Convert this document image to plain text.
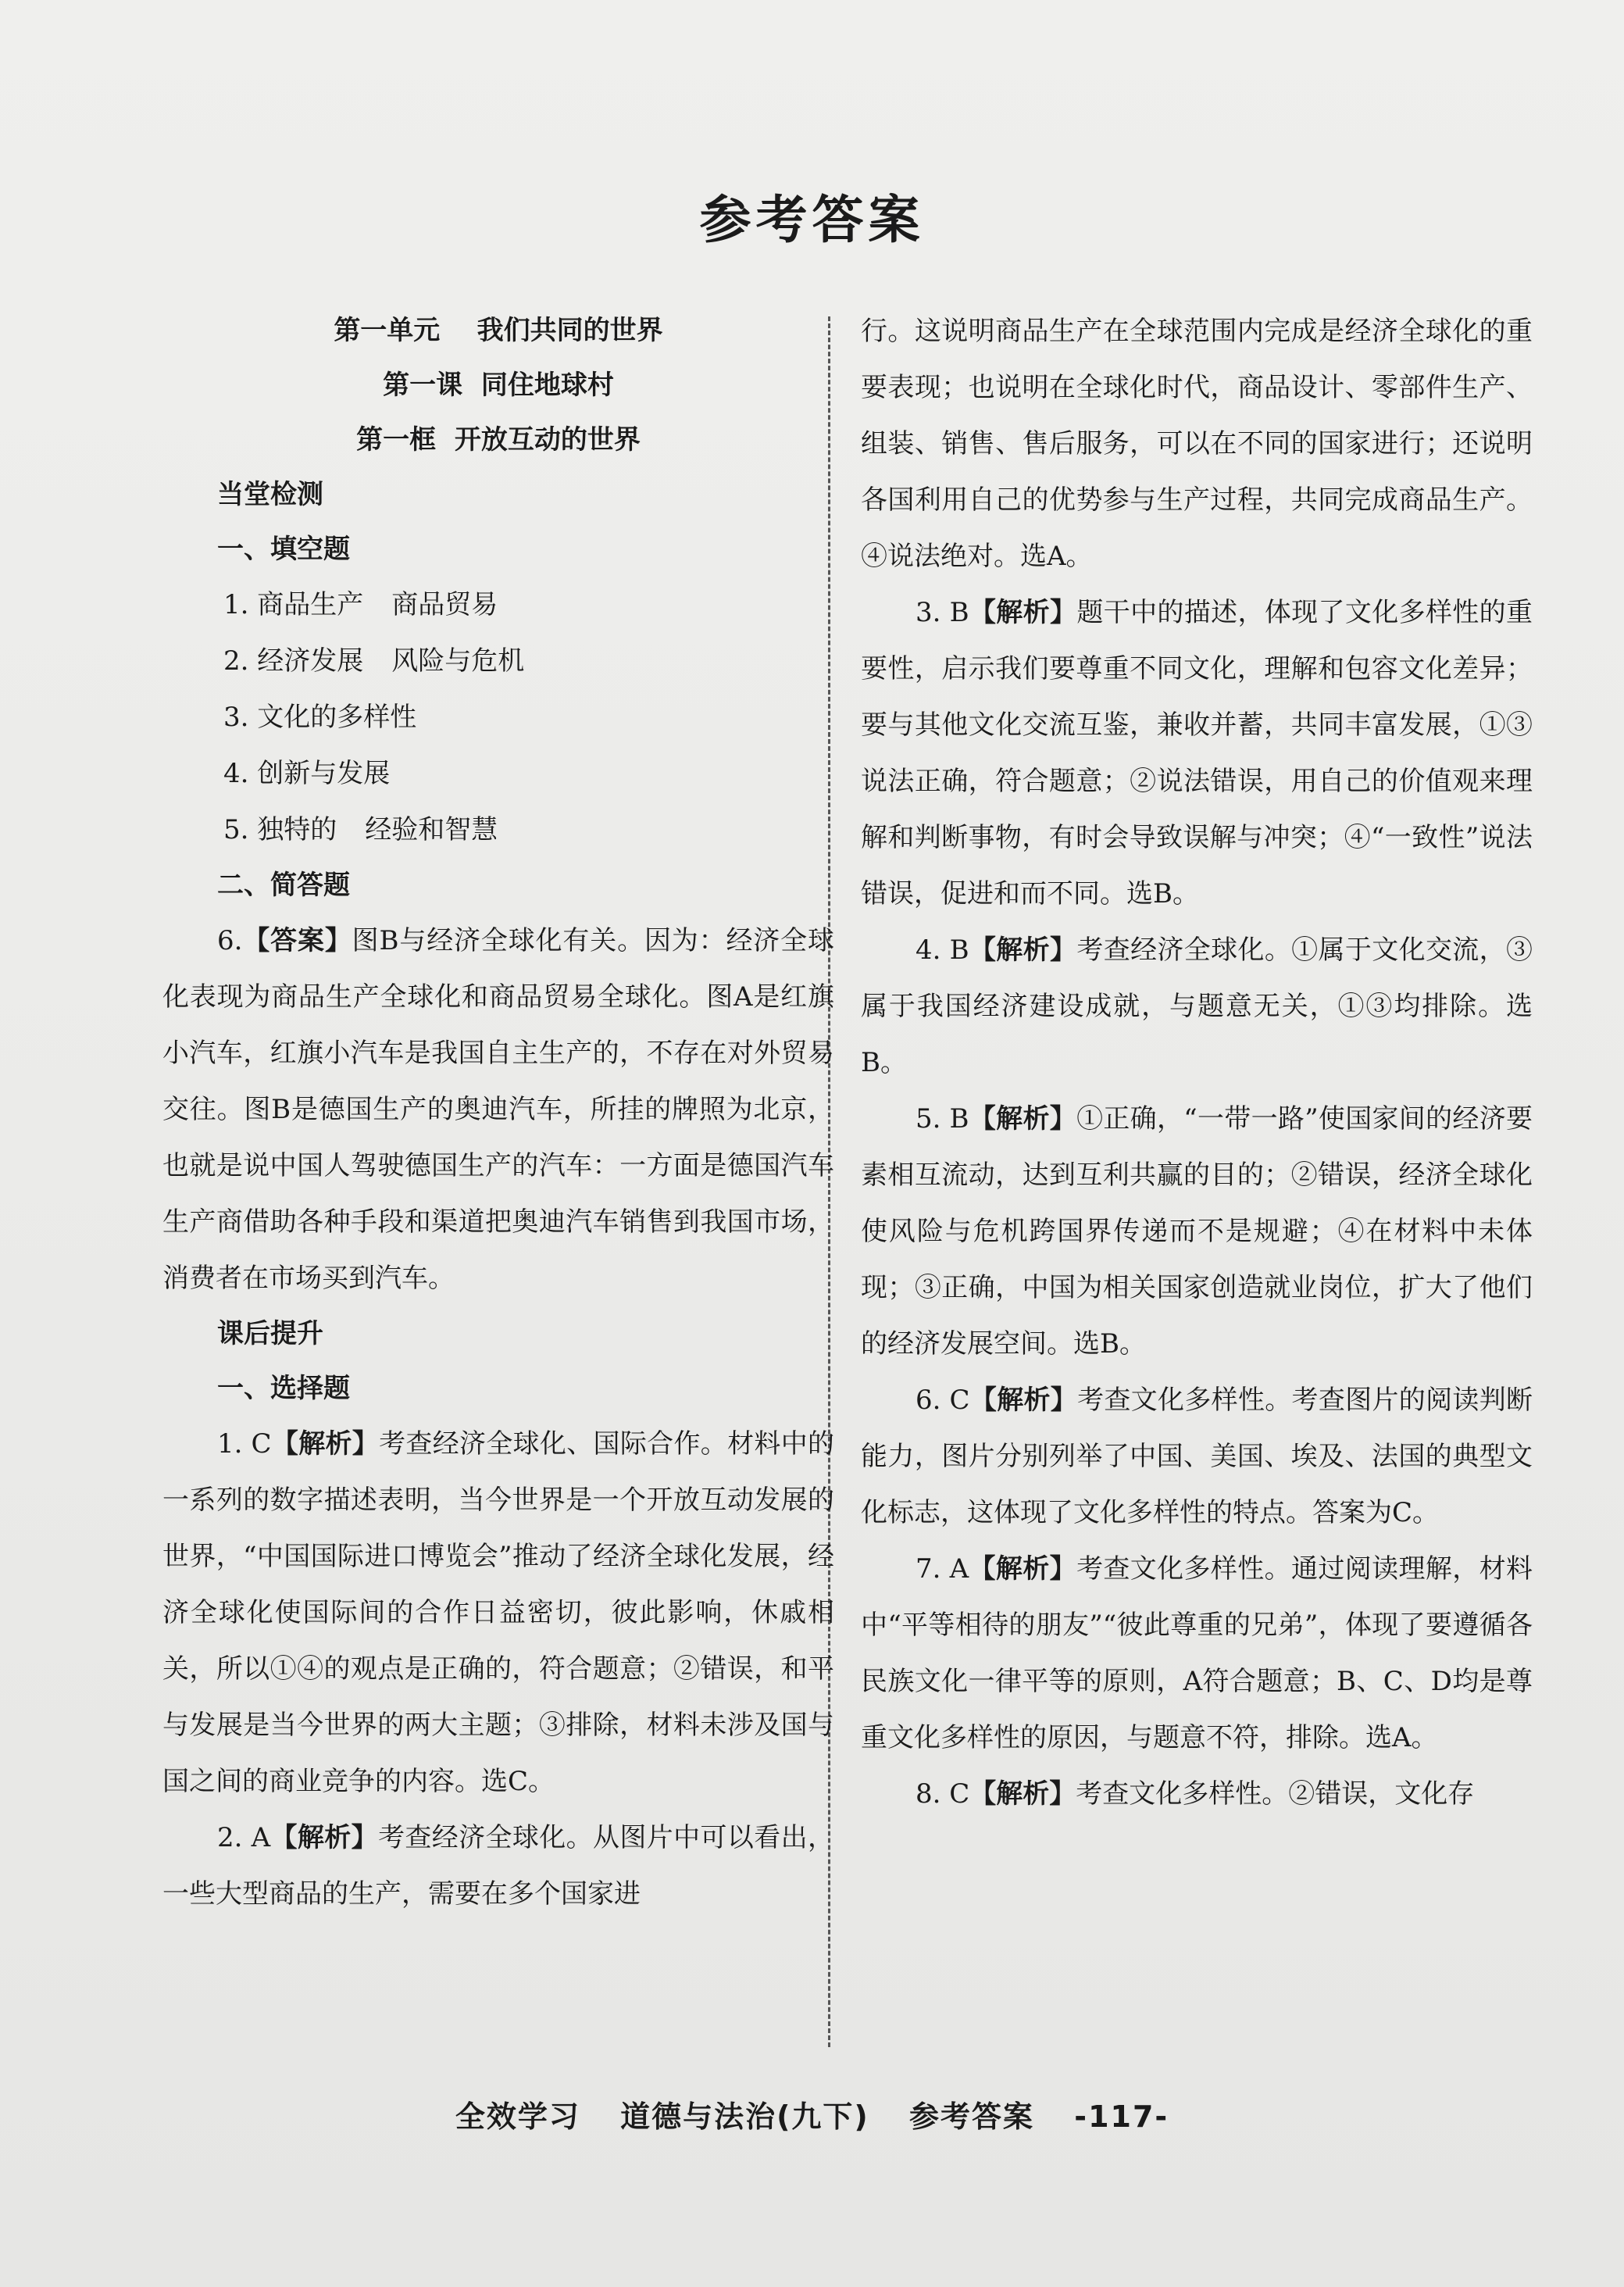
参考答案
第一单元    我们共同的世界
第一课  同住地球村
第一框  开放互动的世界
当堂检测
一、填空题
1. 商品生产 商品贸易
2. 经济发展 风险与危机
3. 文化的多样性
4. 创新与发展
5. 独特的 经验和智慧
二、简答题

6.【答案】图B与经济全球化有关。因为：经济全球化表现为商品生产全球化和商品贸易全球化。图A是红旗小汽车，红旗小汽车是我国自主生产的，不存在对外贸易交往。图B是德国生产的奥迪汽车，所挂的牌照为北京，也就是说中国人驾驶德国生产的汽车：一方面是德国汽车生产商借助各种手段和渠道把奥迪汽车销售到我国市场，消费者在市场买到汽车。

课后提升
一、选择题

1. C【解析】考查经济全球化、国际合作。材料中的一系列的数字描述表明，当今世界是一个开放互动发展的世界，“中国国际进口博览会”推动了经济全球化发展，经济全球化使国际间的合作日益密切，彼此影响，休戚相关，所以①④的观点是正确的，符合题意；②错误，和平与发展是当今世界的两大主题；③排除，材料未涉及国与国之间的商业竞争的内容。选C。

2. A【解析】考查经济全球化。从图片中可以看出，一些大型商品的生产，需要在多个国家进

行。这说明商品生产在全球范围内完成是经济全球化的重要表现；也说明在全球化时代，商品设计、零部件生产、组装、销售、售后服务，可以在不同的国家进行；还说明各国利用自己的优势参与生产过程，共同完成商品生产。④说法绝对。选A。

3. B【解析】题干中的描述，体现了文化多样性的重要性，启示我们要尊重不同文化，理解和包容文化差异；要与其他文化交流互鉴，兼收并蓄，共同丰富发展，①③说法正确，符合题意；②说法错误，用自己的价值观来理解和判断事物，有时会导致误解与冲突；④“一致性”说法错误，促进和而不同。选B。

4. B【解析】考查经济全球化。①属于文化交流，③属于我国经济建设成就，与题意无关，①③均排除。选B。

5. B【解析】①正确，“一带一路”使国家间的经济要素相互流动，达到互利共赢的目的；②错误，经济全球化使风险与危机跨国界传递而不是规避；④在材料中未体现；③正确，中国为相关国家创造就业岗位，扩大了他们的经济发展空间。选B。

6. C【解析】考查文化多样性。考查图片的阅读判断能力，图片分别列举了中国、美国、埃及、法国的典型文化标志，这体现了文化多样性的特点。答案为C。

7. A【解析】考查文化多样性。通过阅读理解，材料中“平等相待的朋友”“彼此尊重的兄弟”，体现了要遵循各民族文化一律平等的原则，A符合题意；B、C、D均是尊重文化多样性的原因，与题意不符，排除。选A。

8. C【解析】考查文化多样性。②错误，文化存

全效学习 道德与法治(九下) 参考答案 -117-
